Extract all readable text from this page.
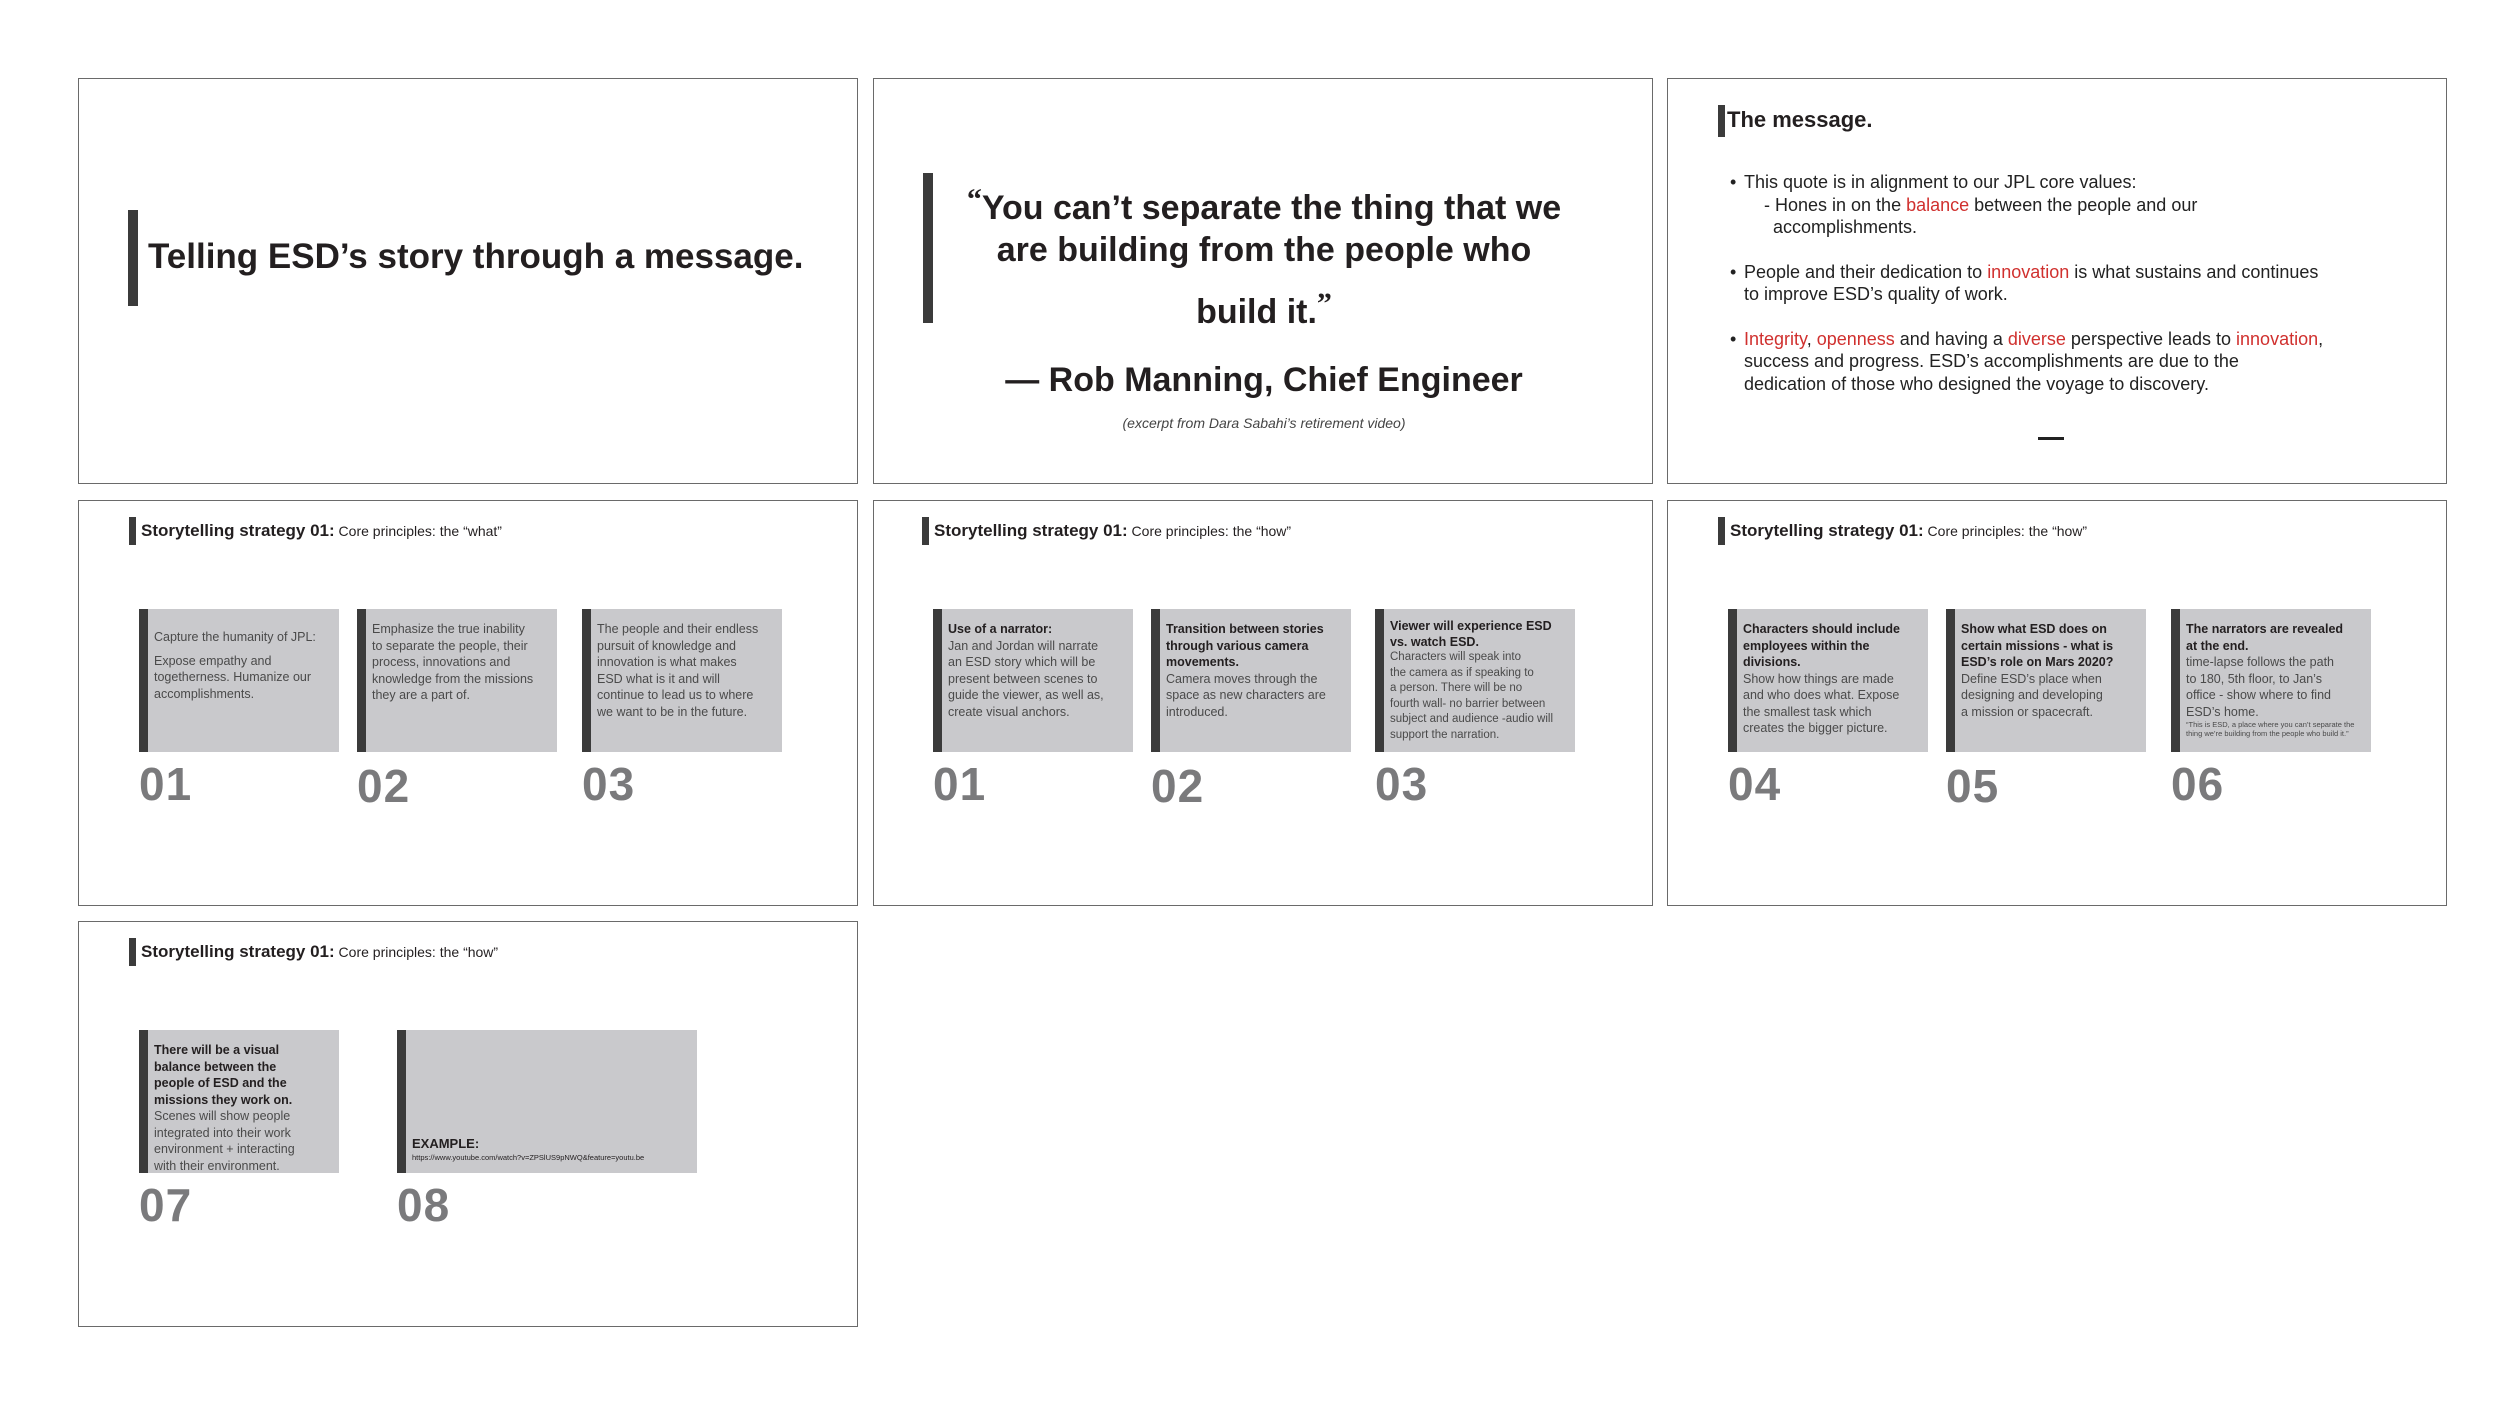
Telling ESD’s story through a message.
“You can’t separate the thing that we
are building from the people who
build it.”
— Rob Manning, Chief Engineer
(excerpt from Dara Sabahi’s retirement video)
The message.
• This quote is in alignment to our JPL core values:
- Hones in on the balance between the people and our
accomplishments.
• People and their dedication to innovation is what sustains and continues
to improve ESD’s quality of work.
• Integrity, openness and having a diverse perspective leads to innovation,
success and progress. ESD’s accomplishments are due to the
dedication of those who designed the voyage to discovery.
Storytelling strategy 01: Core principles: the “what”
Capture the humanity of JPL:
Expose empathy and
togetherness. Humanize our
accomplishments.
01
Emphasize the true inability
to separate the people, their
process, innovations and
knowledge from the missions
they are a part of.
02
The people and their endless
pursuit of knowledge and
innovation is what makes
ESD what is it and will
continue to lead us to where
we want to be in the future.
03
Storytelling strategy 01: Core principles: the “how”
Use of a narrator:
Jan and Jordan will narrate
an ESD story which will be
present between scenes to
guide the viewer, as well as,
create visual anchors.
01
Transition between stories
through various camera
movements.
Camera moves through the
space as new characters are
introduced.
02
Viewer will experience ESD
vs. watch ESD.
Characters will speak into
the camera as if speaking to
a person. There will be no
fourth wall- no barrier between
subject and audience -audio will
support the narration.
03
Storytelling strategy 01: Core principles: the “how”
Characters should include
employees within the
divisions.
Show how things are made
and who does what. Expose
the smallest task which
creates the bigger picture.
04
Show what ESD does on
certain missions - what is
ESD’s role on Mars 2020?
Define ESD’s place when
designing and developing
a mission or spacecraft.
05
The narrators are revealed
at the end.
time-lapse follows the path
to 180, 5th floor, to Jan’s
office - show where to find
ESD’s home.
“This is ESD, a place where you can’t separate the thing we’re building from the people who build it.”
06
Storytelling strategy 01: Core principles: the “how”
There will be a visual
balance between the
people of ESD and the
missions they work on.
Scenes will show people
integrated into their work
environment + interacting
with their environment.
07
EXAMPLE:
https://www.youtube.com/watch?v=ZPSlUS9pNWQ&feature=youtu.be
08
